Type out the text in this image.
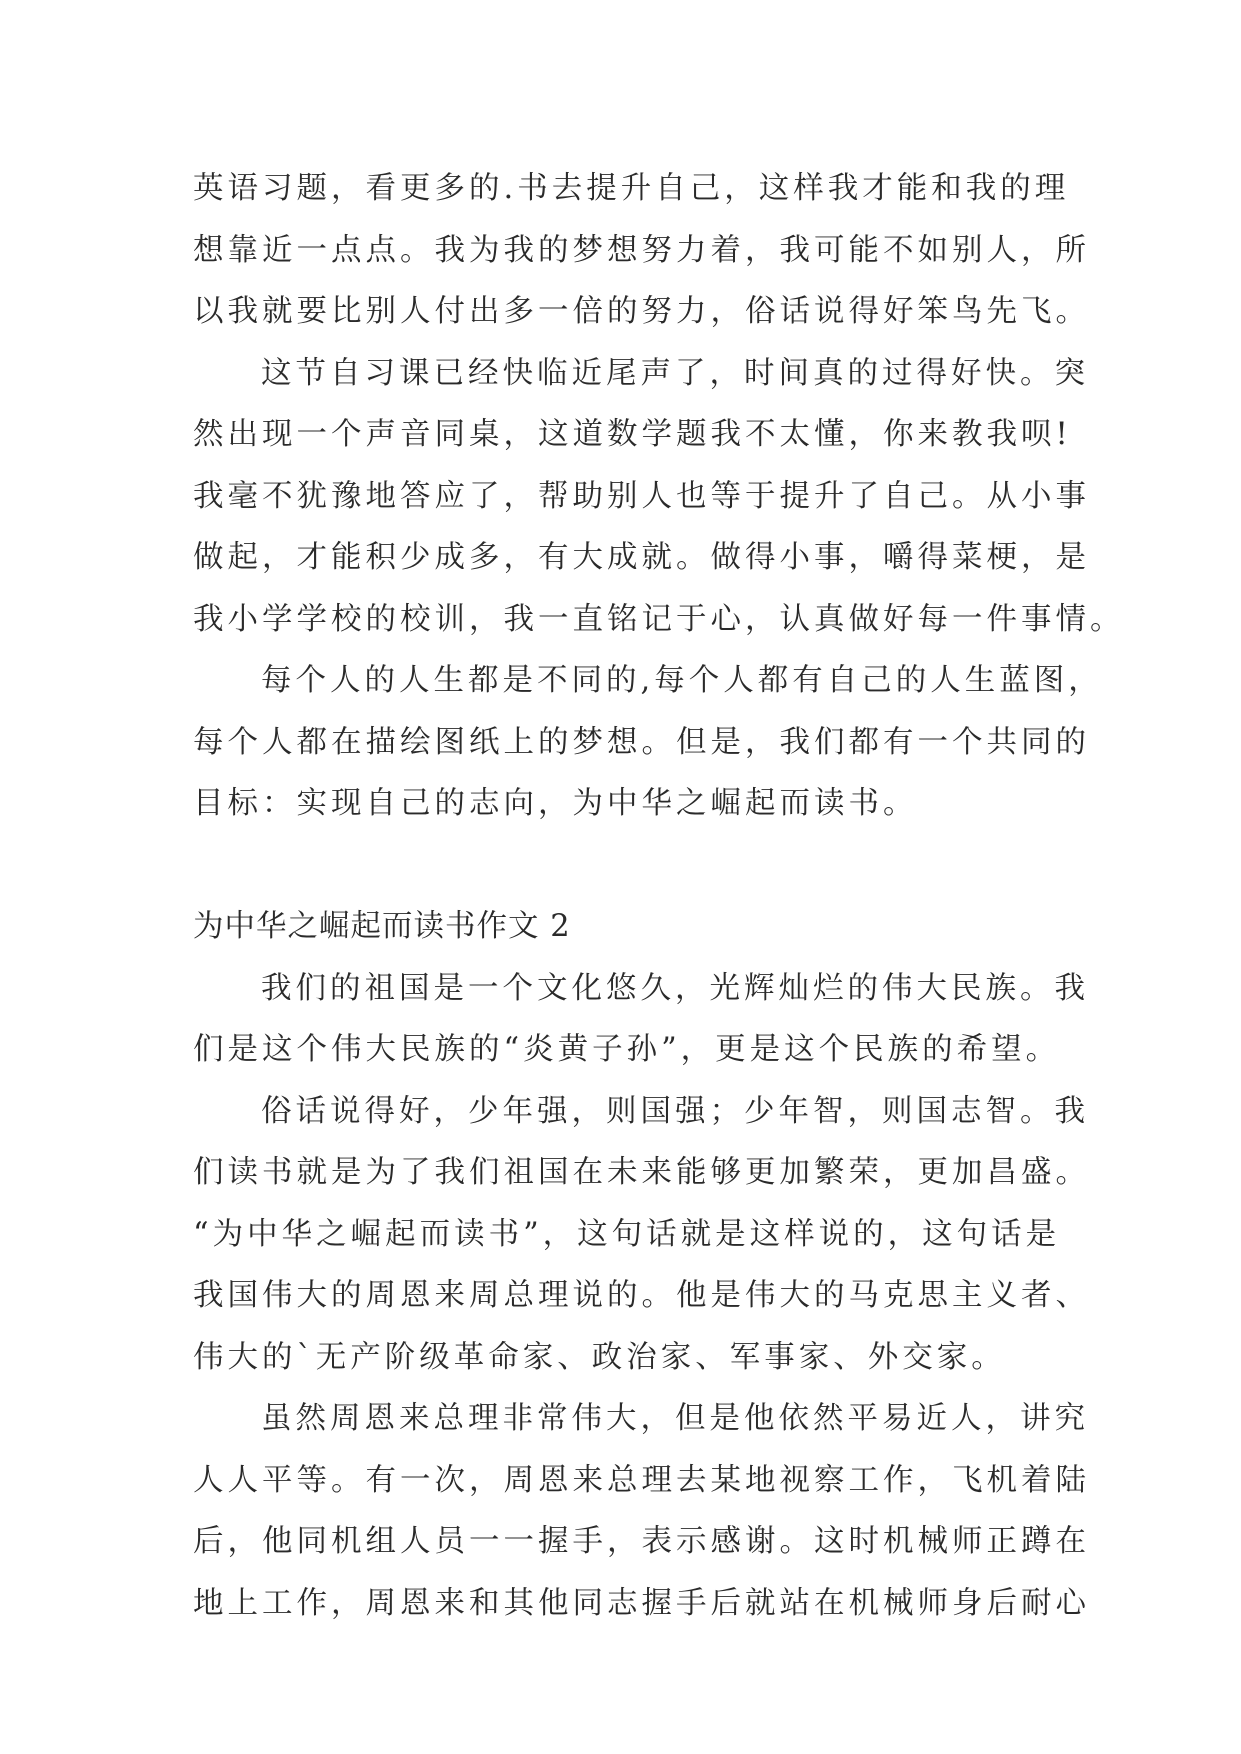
英语习题，看更多的.书去提升自己，这样我才能和我的理
想靠近一点点。我为我的梦想努力着，我可能不如别人，所
以我就要比别人付出多一倍的努力，俗话说得好笨鸟先飞。
这节自习课已经快临近尾声了，时间真的过得好快。突
然出现一个声音同桌，这道数学题我不太懂，你来教我呗!
我毫不犹豫地答应了，帮助别人也等于提升了自己。从小事
做起，才能积少成多，有大成就。做得小事，嚼得菜梗，是
我小学学校的校训，我一直铭记于心，认真做好每一件事情。
每个人的人生都是不同的,每个人都有自己的人生蓝图，
每个人都在描绘图纸上的梦想。但是，我们都有一个共同的
目标：实现自己的志向，为中华之崛起而读书。
为中华之崛起而读书作文 2
我们的祖国是一个文化悠久，光辉灿烂的伟大民族。我
们是这个伟大民族的“炎黄子孙”，更是这个民族的希望。
俗话说得好，少年强，则国强；少年智，则国志智。我
们读书就是为了我们祖国在未来能够更加繁荣，更加昌盛。
“为中华之崛起而读书”，这句话就是这样说的，这句话是
我国伟大的周恩来周总理说的。他是伟大的马克思主义者、
伟大的`无产阶级革命家、政治家、军事家、外交家。
虽然周恩来总理非常伟大，但是他依然平易近人，讲究
人人平等。有一次，周恩来总理去某地视察工作，飞机着陆
后，他同机组人员一一握手，表示感谢。这时机械师正蹲在
地上工作，周恩来和其他同志握手后就站在机械师身后耐心
